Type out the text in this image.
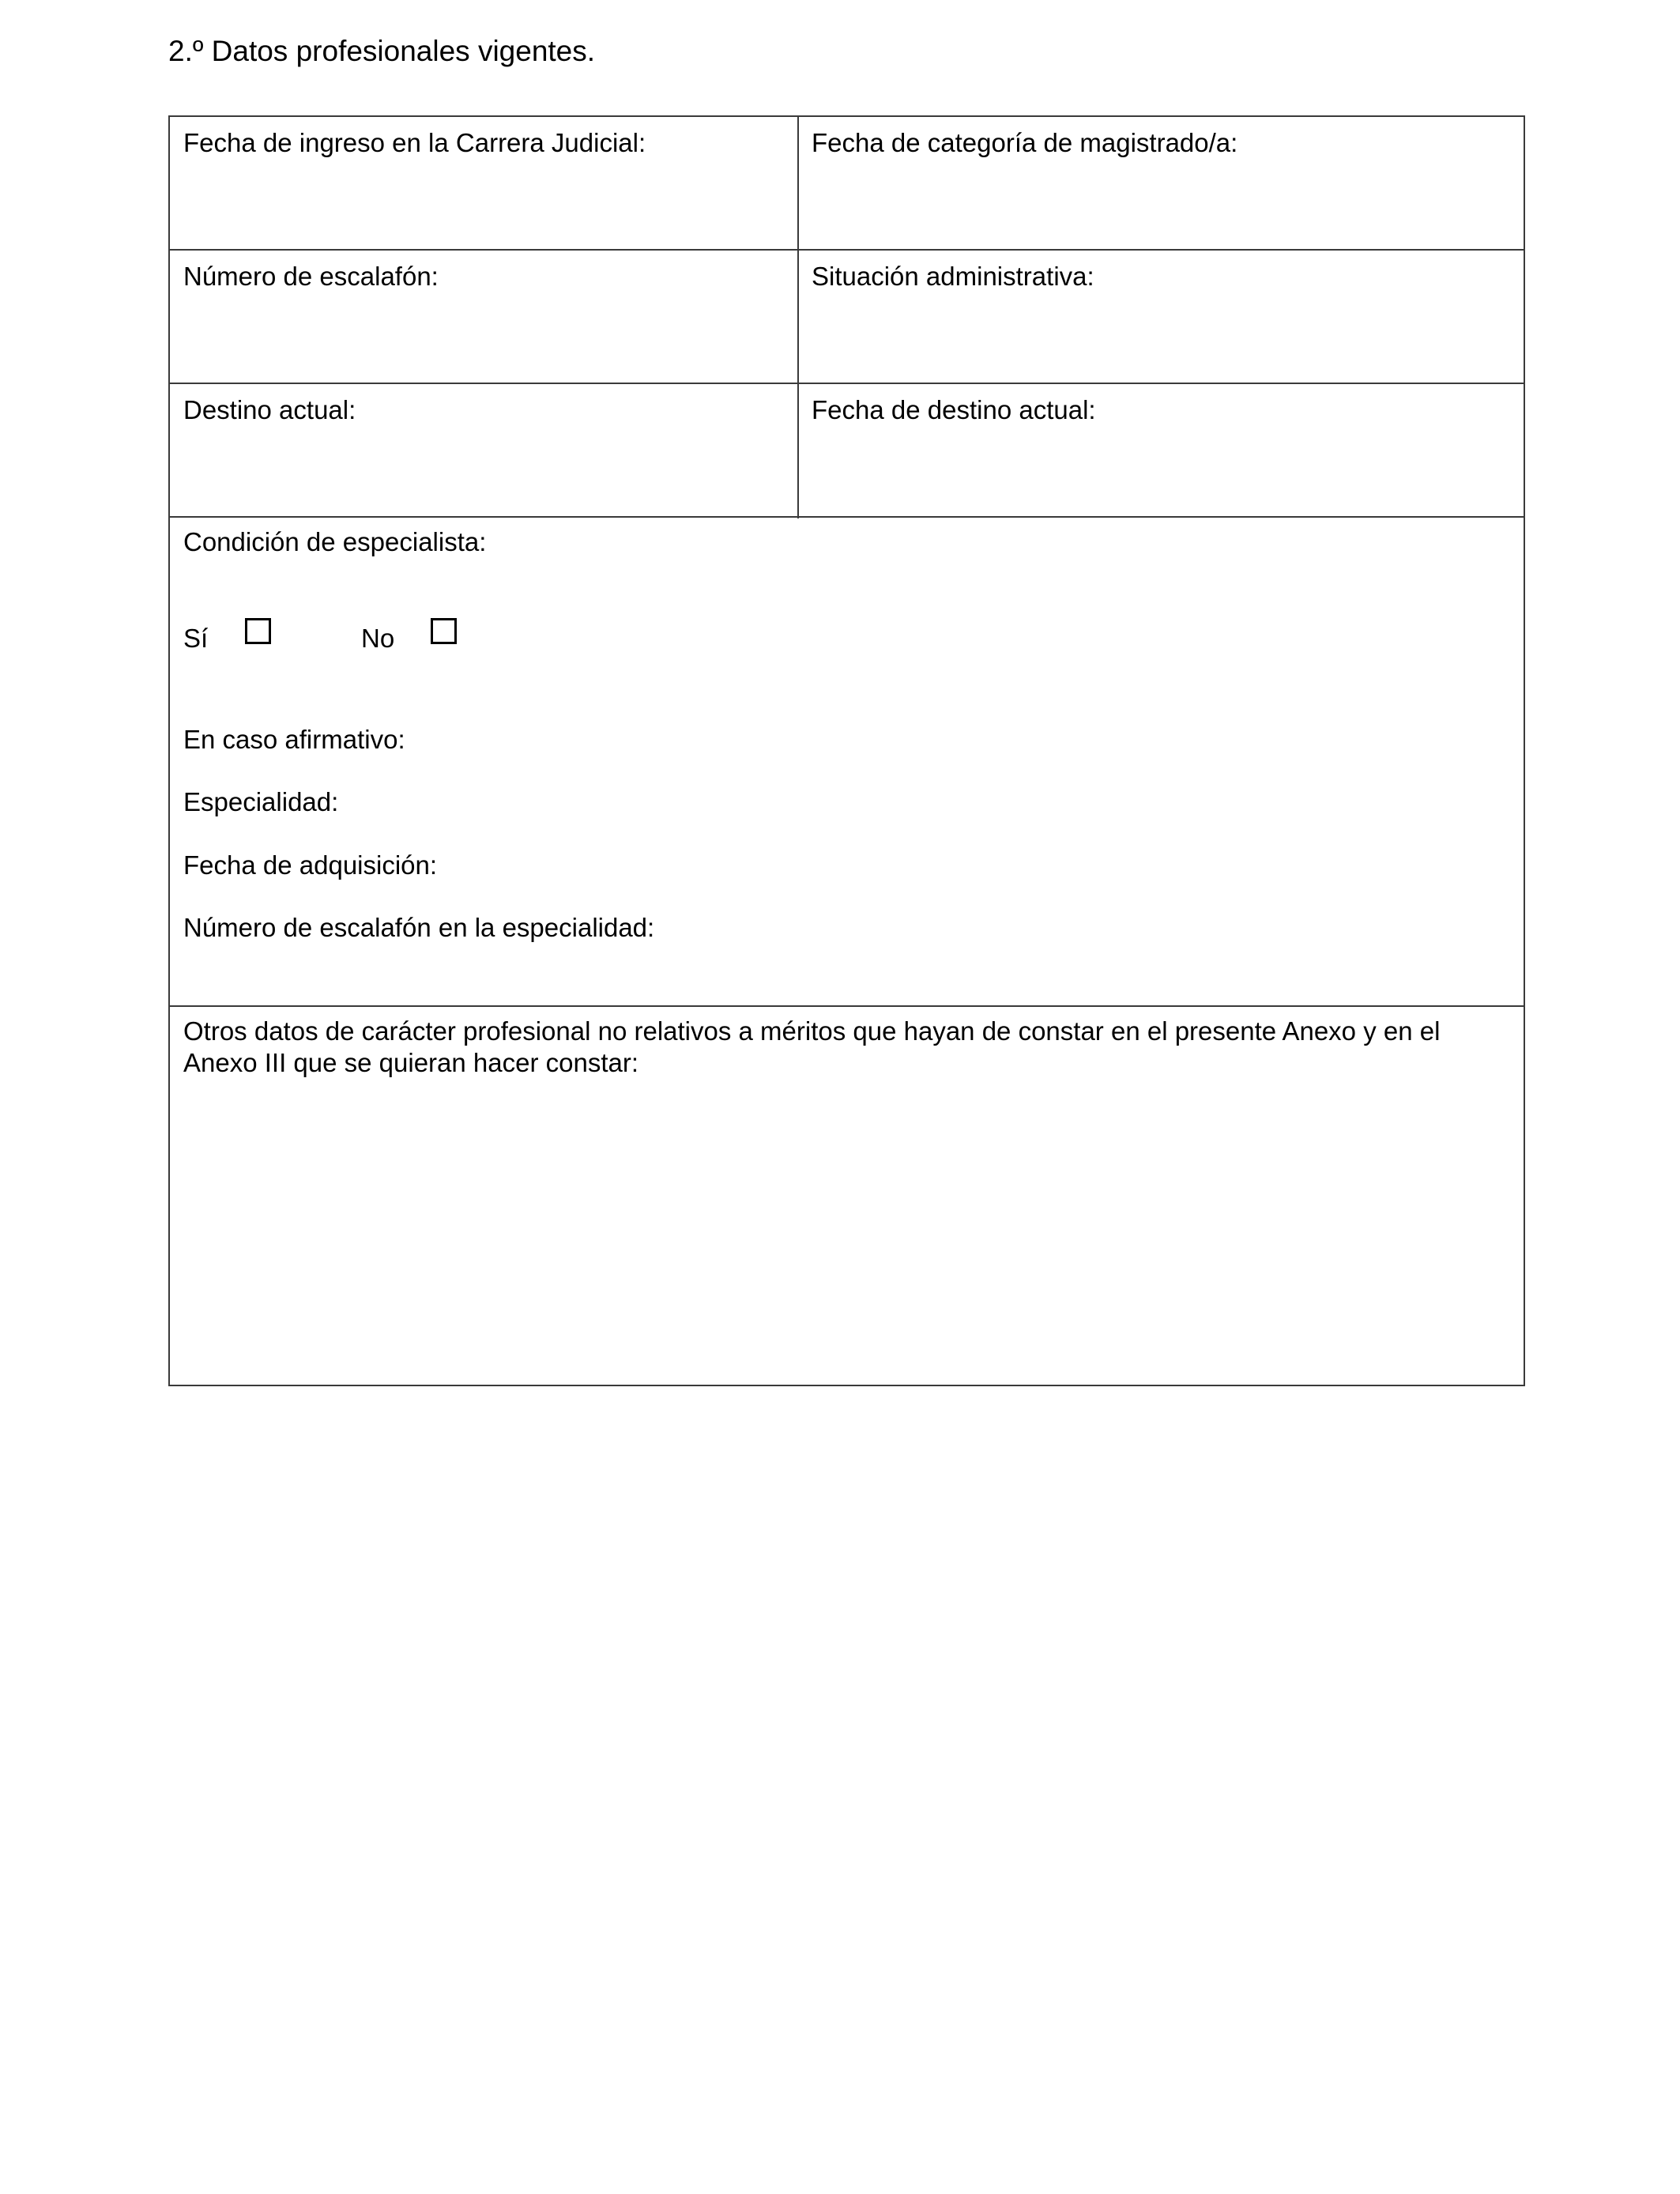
2.º Datos profesionales vigentes.
Fecha de ingreso en la Carrera Judicial:	Fecha de categoría de magistrado/a:
Número de escalafón:	Situación administrativa:
Destino actual:	Fecha de destino actual:
Condición de especialista:
Sí	No
En caso afirmativo:
Especialidad:
Fecha de adquisición:
Número de escalafón en la especialidad:
Otros datos de carácter profesional no relativos a méritos que hayan de constar en el presente Anexo y en el Anexo III que se quieran hacer constar:
